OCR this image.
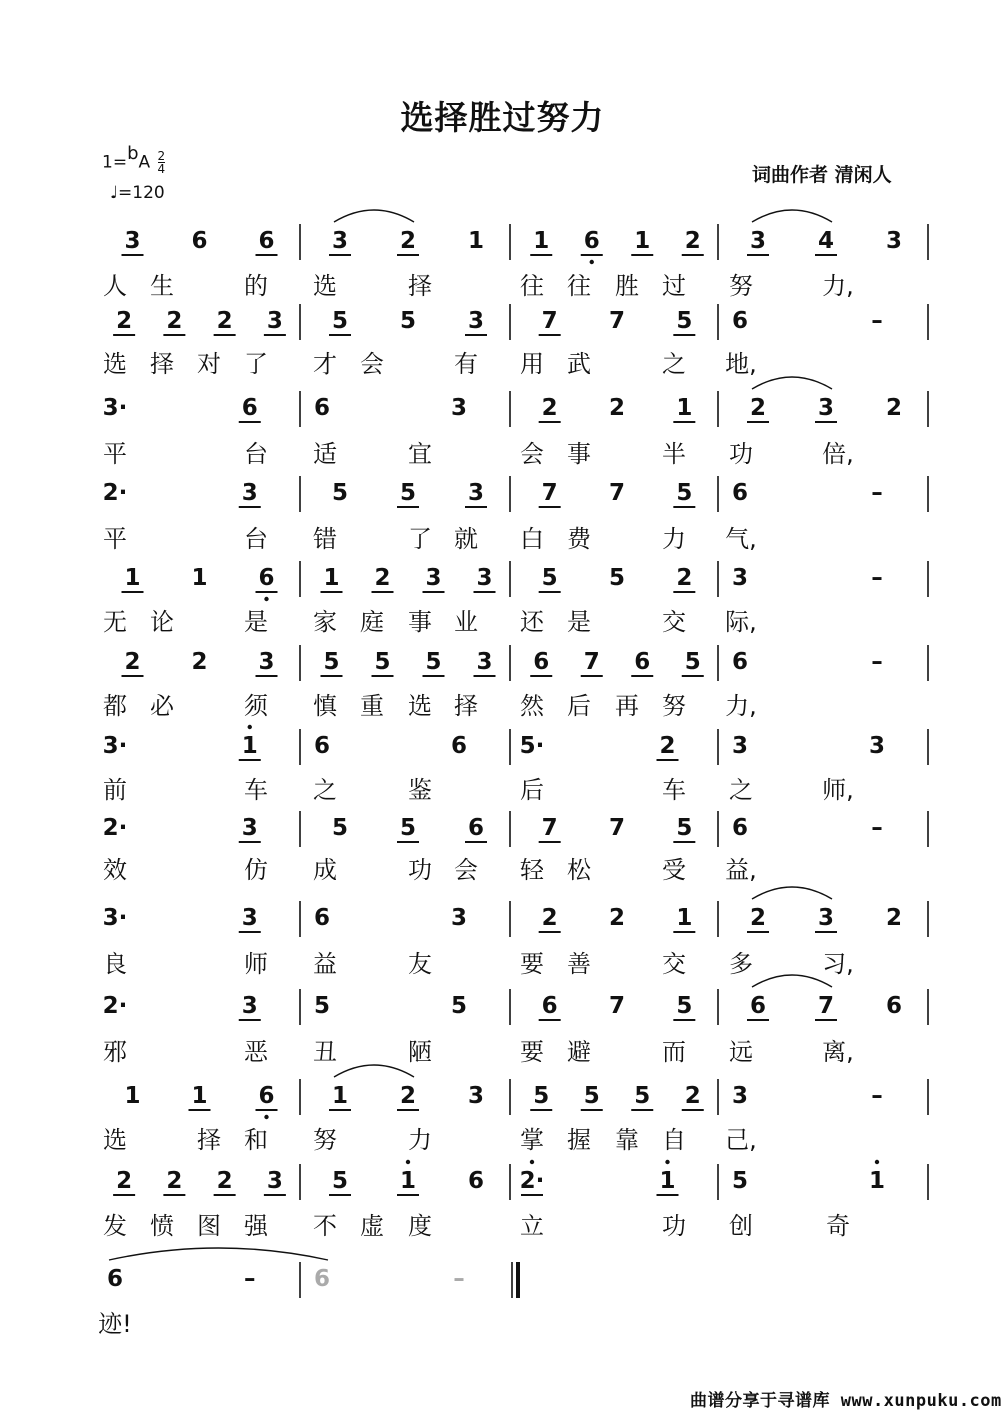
选择胜过努力
$1=bA \frac{2}{4}$
♩=120
词曲作者 清闲人
3	6	6	3	2	1	1	6	1	2	3	4	3
人 生	的 选	择	往 往 胜 过 努	力,
2	2	2	3	5	5	3	7	7	5	6	–
选 择 对 了 才 会	有 用 武	之 地,
3·	6	6	3	2	2	1	2	3	2
平	台 适	宜	会 事	半 功	倍,
2·	3	5	5	3	7	7	5	6	–
平	台 错	了 就 白 费	力 气,
1	1	6	1	2	3	3	5	5	2	3	–
无 论	是 家 庭 事 业 还 是	交 际,
2	2	3	5	5	5	3	6	7	6	5	6	–
都 必	须 慎 重 选 择 然 后 再 努 力,
3·	1	6	6	5·	2	3	3
前	车 之	鉴	后	车 之	师,
2·	3	5	5	6	7	7	5	6	–
效	仿 成	功 会 轻 松	受 益,
3·	3	6	3	2	2	1	2	3	2
良	师 益	友	要 善	交 多	习,
2·	3	5	5	6	7	5	6	7	6
邪	恶 丑	陋	要 避	而 远	离,
1	1	6	1	2	3	5	5	5	2	3	–
选	择 和 努	力	掌 握 靠 自 己,
2	2	2	3	5	1	6	2·	1	5	1
发 愤 图 强 不 虚 度	立	功 创	奇
6	–	6	–
迹!
曲谱分享于寻谱库 www.xunpuku.com
